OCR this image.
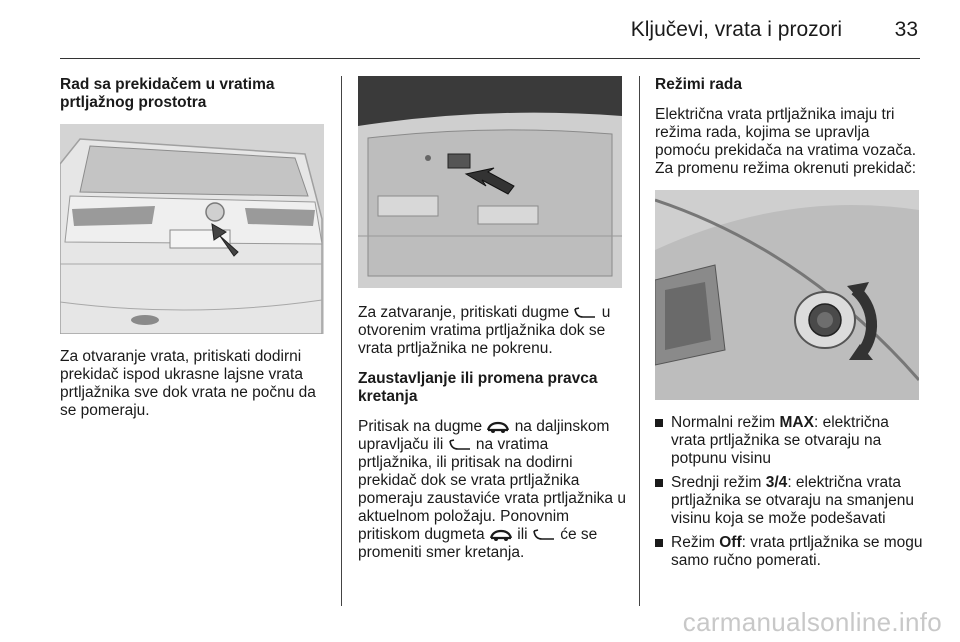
Ključevi, vrata i prozori	33

Rad sa prekidačem u vratima prtljažnog prostotra

Za otvaranje vrata, pritiskati dodirni prekidač ispod ukrasne lajsne vrata prtljažnika sve dok vrata ne počnu da se pomeraju.

Za zatvaranje, pritiskati dugme u otvorenim vratima prtljažnika dok se vrata prtljažnika ne pokrenu.

Zaustavljanje ili promena pravca kretanja

Pritisak na dugme na daljinskom upravljaču ili na vratima prtljažnika, ili pritisak na dodirni prekidač dok se vrata prtljažnika pomeraju zaustaviće vrata prtljažnika u aktuelnom položaju. Ponovnim pritiskom dugmeta ili će se promeniti smer kretanja.

Režimi rada

Električna vrata prtljažnika imaju tri režima rada, kojima se upravlja pomoću prekidača na vratima vozača. Za promenu režima okrenuti prekidač:

Normalni režim MAX: električna vrata prtljažnika se otvaraju na potpunu visinu
Srednji režim 3/4: električna vrata prtljažnika se otvaraju na smanjenu visinu koja se može podešavati
Režim Off: vrata prtljažnika se mogu samo ručno pomerati.
carmanualsonline.info
